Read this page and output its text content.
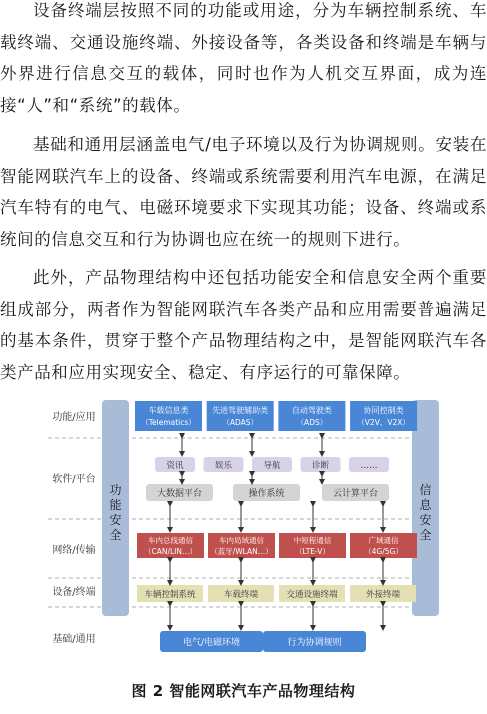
设备终端层按照不同的功能或用途，分为车辆控制系统、车载终端、交通设施终端、外接设备等，各类设备和终端是车辆与外界进行信息交互的载体，同时也作为人机交互界面，成为连接“人”和“系统”的载体。

基础和通用层涵盖电气/电子环境以及行为协调规则。安装在智能网联汽车上的设备、终端或系统需要利用汽车电源，在满足汽车特有的电气、电磁环境要求下实现其功能；设备、终端或系统间的信息交互和行为协调也应在统一的规则下进行。

此外，产品物理结构中还包括功能安全和信息安全两个重要组成部分，两者作为智能网联汽车各类产品和应用需要普遍满足的基本条件，贯穿于整个产品物理结构之中，是智能网联汽车各类产品和应用实现安全、稳定、有序运行的可靠保障。

功能/应用
软件/平台
网络/传输
设备/终端
基础/通用
功能安全
信息安全
车载信息类
（Telematics）
先进驾驶辅助类
（ADAS）
自动驾驶类
（ADS）
协同控制类
（V2V、V2X）
资讯	娱乐	导航	诊断	……
大数据平台	操作系统	云计算平台
车内总线通信
（CAN/LIN…）
车内局域通信
（蓝牙/WLAN…）
中短程通信
（LTE-V）
广域通信
（4G/5G）
车辆控制系统	车载终端	交通设施终端	外接终端
电气/电磁环境	行为协调规则
图 2 智能网联汽车产品物理结构
